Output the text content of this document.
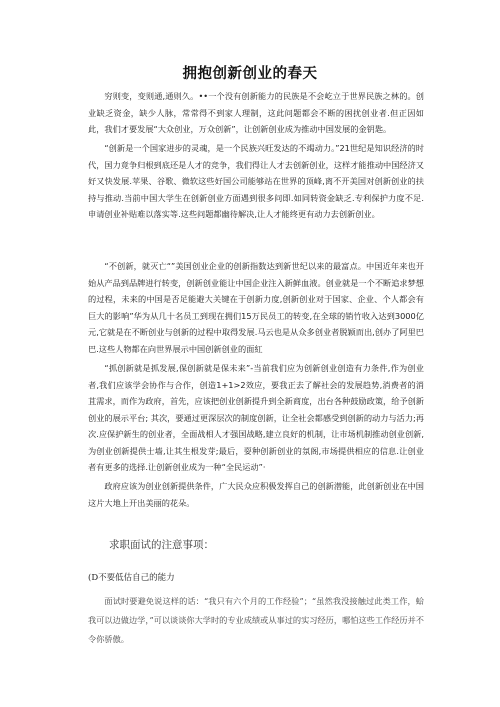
拥抱创新创业的春天

穷则变，变则通,通则久。••一个没有创新能力的民族是不会屹立于世界民族之林的。创业缺乏资金，缺少人脉，常常得不到家人理制，这此问题都会不断的困扰创业者.但正因如此，我们才要发展“大众创业，万众创新”，让创新创业成为推动中国发展的金钥匙。

“创新是一个国家进步的灵魂，是一个民族兴旺发达的不竭动力。”21世纪是知识经济的时代，国力竟争归根到底还是人才的竞争，我们得让人才去创新创业，这样才能推动中国经济又好又快发展.苹果、谷歌、微软这些好国公司能够站在世界的顶峰,离不开美国对创新创业的扶持与推动.当前中国大学生在创新创业方面遇到很多问即.如同转资金缺乏.专利保护力度不足.申请创业补贴难以落实等.这些问题都幽待解决,让人才能终更有动力去创新创业。

“不创新，就灭亡“”美国创业企业的创新指数达到新世纪以来的最富点。中国近年来也开始从产品到品牌进行转变，创新创业能让中国企业注入新鲜血液。创业就是一个不断追求梦想的过程，未来的中国是否足能避大关键在于创新力度,创新创业对于国家、企业、个人都会有巨大的影响”华为从几十名员工到现在拥们15万民员工的转变,在全球的销竹收入达到3000亿元,它就是在不断创业与创新的过程中取得发展.马云也是从众多创业者脱颖而出,创办了阿里巴巴.这些人物都在向世界展示中国创新创业的面紅

“抓创新就是抓发展,保创新就是保未来”-当前我们应为创新创业创造有力条件,作为创业者,我们应该学会协作与合作，创造1+1>2效应，要我正去了解社会的发展趋势,消费者的消苴需求，而作为政府，首先，应该把创业创新提升到全新商度，出台各种鼓励政策，给予创新创业的展示平台; 其次，要通过更深层次的制度创新，让全社会都感受到创新的动力与活力;再次.应保护新生的创业者，全面战相人才强国战略,建立良好的机制，让市场机制推动创业创新,为创业创新提供士墙,让其生根发芽;最后，耍种创新创业的氛阁,市场提供相应的信息.让创业者有更多的选择.让创新创业成为一种“全民运动”·

政府应该为创业创新提供条件，广大民众应积极发挥自己的创新潜能，此创新创业在中国这片大地上开出美丽的花朵。

求职面试的注意事项：

(D不要低估自己的能力

面试时要避免说这样的话：“我只有六个月的工作经验”；“虽然我没接触过此类工作，蛤我可以边做边学，”可以谈谈你大学时的专业成绩或从事过的实习经历，哪怕这些工作经历并不令你骄傲。
